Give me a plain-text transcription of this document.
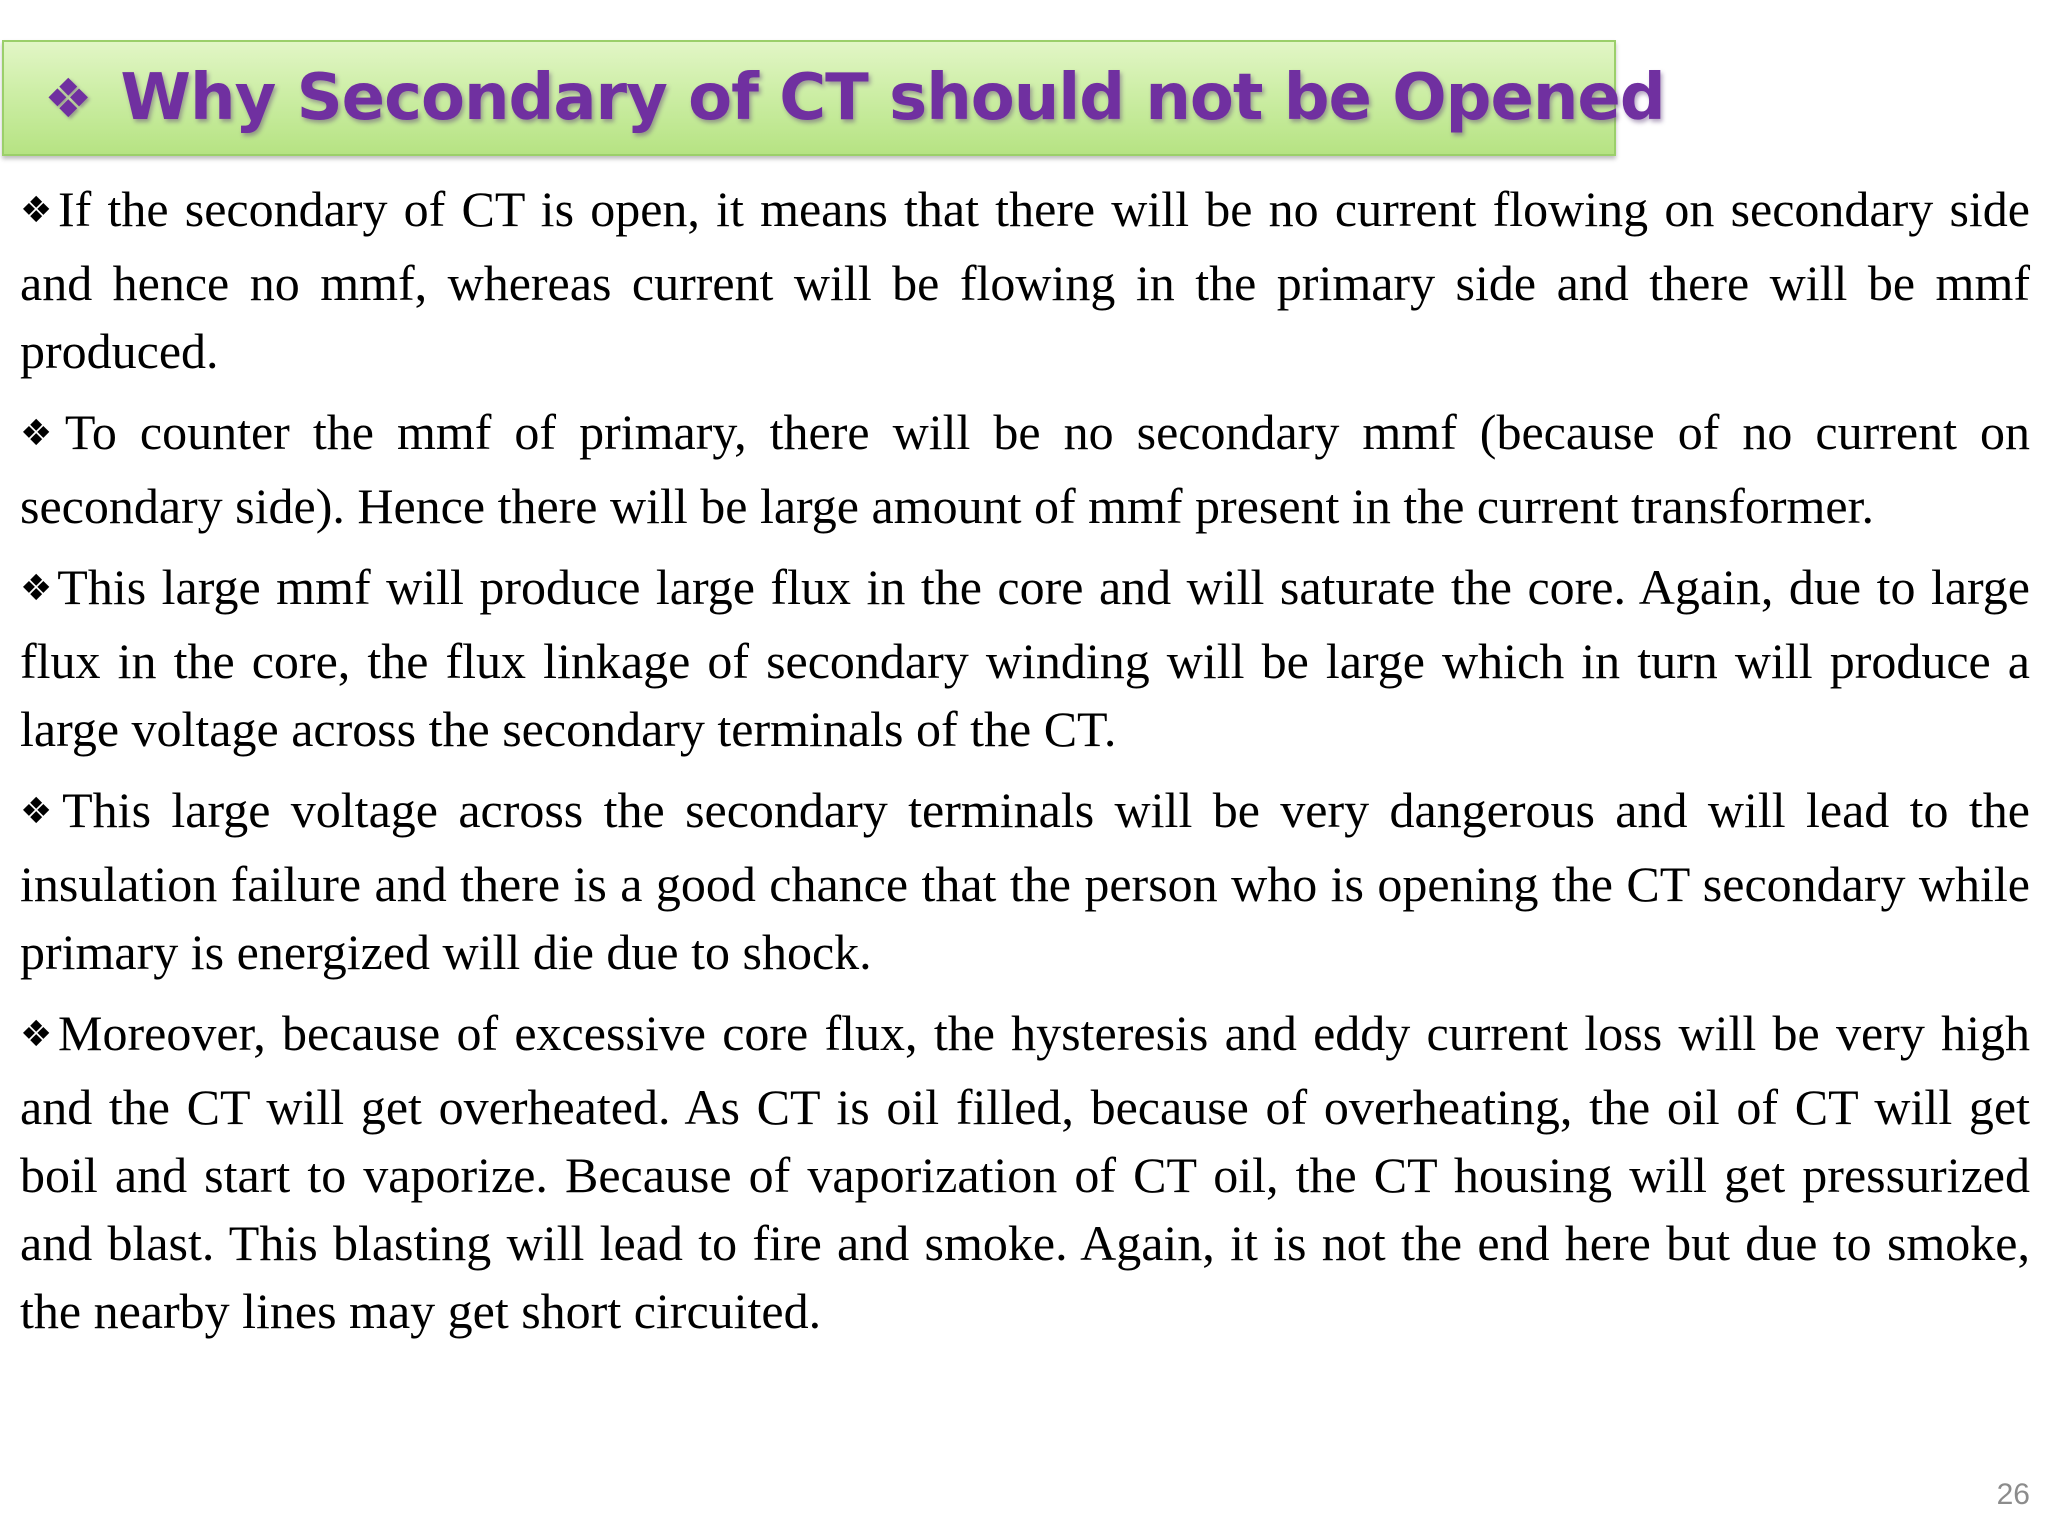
❖ Why Secondary of CT should not be Opened

❖If the secondary of CT is open, it means that there will be no current flowing on secondary side and hence no mmf, whereas current will be flowing in the primary side and there will be mmf produced.

❖To counter the mmf of primary, there will be no secondary mmf (because of no current on secondary side). Hence there will be large amount of mmf present in the current transformer.

❖This large mmf will produce large flux in the core and will saturate the core. Again, due to large flux in the core, the flux linkage of secondary winding will be large which in turn will produce a large voltage across the secondary terminals of the CT.

❖This large voltage across the secondary terminals will be very dangerous and will lead to the insulation failure and there is a good chance that the person who is opening the CT secondary while primary is energized will die due to shock.

❖Moreover, because of excessive core flux, the hysteresis and eddy current loss will be very high and the CT will get overheated. As CT is oil filled, because of overheating, the oil of CT will get boil and start to vaporize. Because of vaporization of CT oil, the CT housing will get pressurized and blast. This blasting will lead to fire and smoke. Again, it is not the end here but due to smoke, the nearby lines may get short circuited.

26
